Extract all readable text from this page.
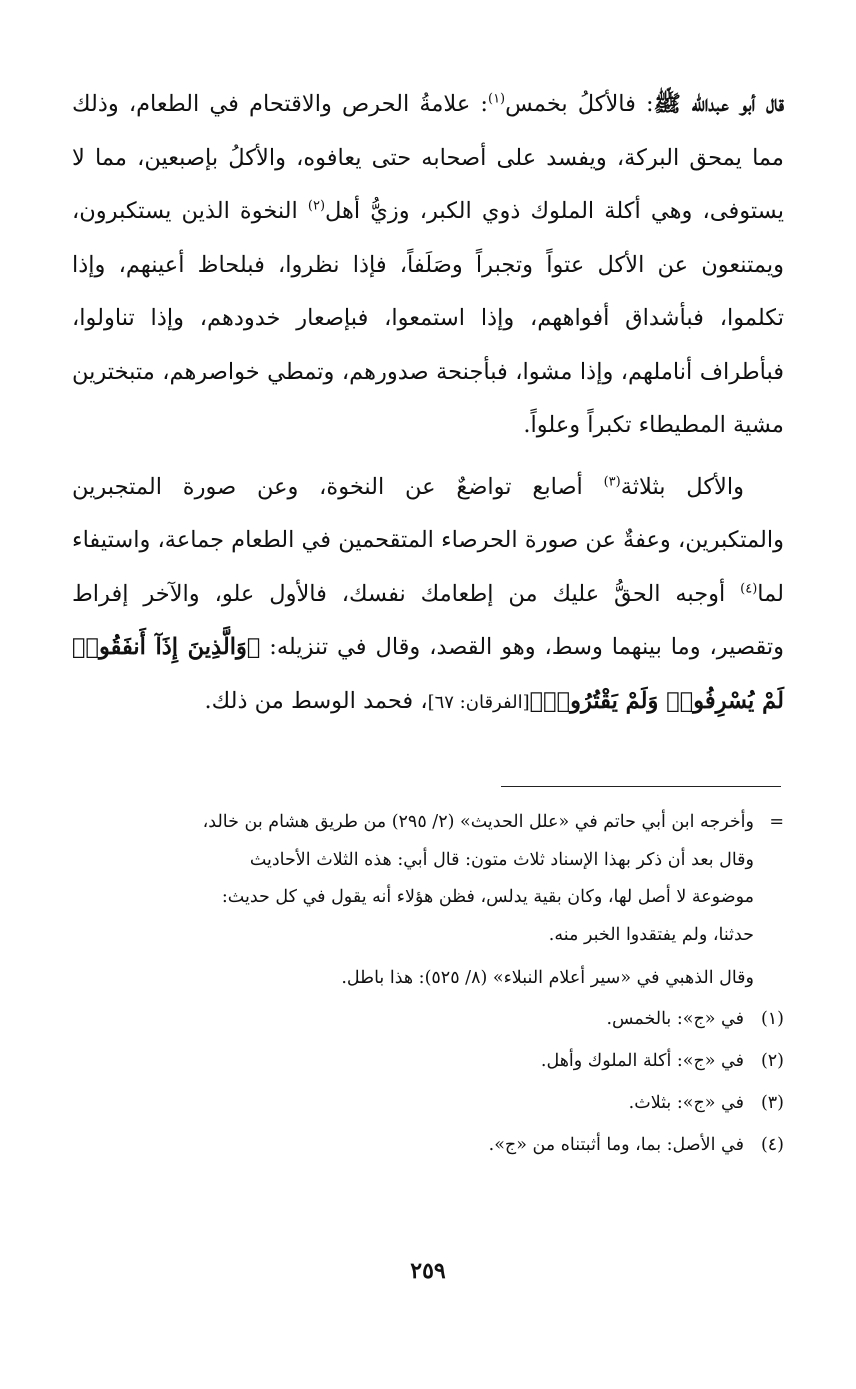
قال أبو عبدالله ﷺ: فالأكلُ بخمس$^{(١)}$: علامةُ الحرص والاقتحام في الطعام، وذلك مما يمحق البركة، ويفسد على أصحابه حتى يعافوه، والأكلُ بإصبعين، مما لا يستوفى، وهي أكلة الملوك ذوي الكبر، وزيُّ أهل$^{(٢)}$ النخوة الذين يستكبرون، ويمتنعون عن الأكل عتواً وتجبراً وصَلَفاً، فإذا نظروا، فبلحاظ أعينهم، وإذا تكلموا، فبأشداق أفواههم، وإذا استمعوا، فبإصعار خدودهم، وإذا تناولوا، فبأطراف أناملهم، وإذا مشوا، فبأجنحة صدورهم، وتمطي خواصرهم، متبخترين مشية المطيطاء تكبراً وعلواً.

والأكل بثلاثة$^{(٣)}$ أصابع تواضعٌ عن النخوة، وعن صورة المتجبرين والمتكبرين، وعفةٌ عن صورة الحرصاء المتقحمين في الطعام جماعة، واستيفاء لما$^{(٤)}$ أوجبه الحقُّ عليك من إطعامك نفسك، فالأول علو، والآخر إفراط وتقصير، وما بينهما وسط، وهو القصد، وقال في تنزيله: ﴿وَالَّذِينَ إِذَآ أَنفَقُوا۟ لَمْ يُسْرِفُوا۟ وَلَمْ يَقْتُرُوا۟﴾[الفرقان: ٦٧]، فحمد الوسط من ذلك.

=وأخرجه ابن أبي حاتم في «علل الحديث» (٢/ ٢٩٥) من طريق هشام بن خالد،

وقال بعد أن ذكر بهذا الإسناد ثلاث متون: قال أبي: هذه الثلاث الأحاديث

موضوعة لا أصل لها، وكان بقية يدلس، فظن هؤلاء أنه يقول في كل حديث:

حدثنا، ولم يفتقدوا الخبر منه.

وقال الذهبي في «سير أعلام النبلاء» (٨/ ٥٢٥): هذا باطل.

(١)في «ج»: بالخمس.

(٢)في «ج»: أكلة الملوك وأهل.

(٣)في «ج»: بثلاث.

(٤)في الأصل: بما، وما أثبتناه من «ج».

٢٥٩
